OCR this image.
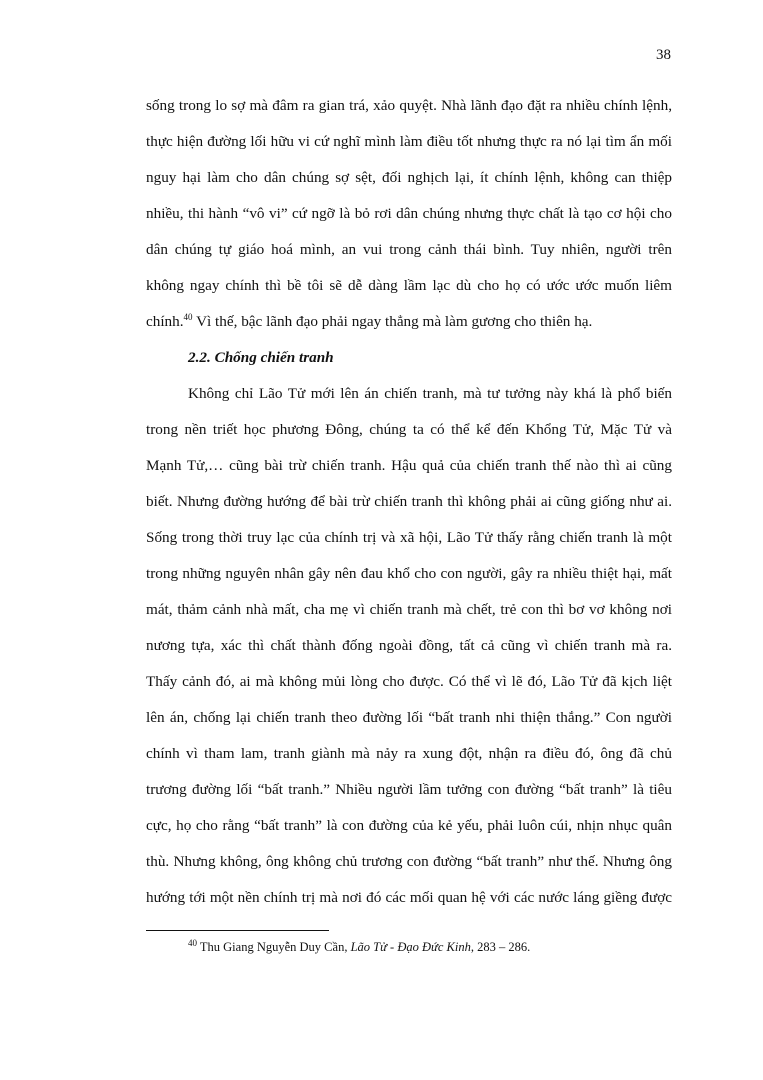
38
sống trong lo sợ mà đâm ra gian trá, xảo quyệt. Nhà lãnh đạo đặt ra nhiều chính lệnh,
thực hiện đường lối hữu vi cứ nghĩ mình làm điều tốt nhưng thực ra nó lại tìm ẩn mối
nguy hại làm cho dân chúng sợ sệt, đối nghịch lại, ít chính lệnh, không can thiệp
nhiều, thi hành “vô vi” cứ ngỡ là bỏ rơi dân chúng nhưng thực chất là tạo cơ hội cho
dân chúng tự giáo hoá mình, an vui trong cảnh thái bình. Tuy nhiên, người trên
không ngay chính thì bề tôi sẽ dễ dàng lầm lạc dù cho họ có ước ước muốn liêm
chính.$^{40}$ Vì thế, bậc lãnh đạo phải ngay thẳng mà làm gương cho thiên hạ.
2.2. Chống chiến tranh
Không chỉ Lão Tử mới lên án chiến tranh, mà tư tưởng này khá là phổ biến
trong nền triết học phương Đông, chúng ta có thể kể đến Khổng Tử, Mặc Tử và
Mạnh Tử,… cũng bài trừ chiến tranh. Hậu quả của chiến tranh thế nào thì ai cũng
biết. Nhưng đường hướng để bài trừ chiến tranh thì không phải ai cũng giống như ai.
Sống trong thời truy lạc của chính trị và xã hội, Lão Tử thấy rằng chiến tranh là một
trong những nguyên nhân gây nên đau khổ cho con người, gây ra nhiều thiệt hại, mất
mát, thảm cảnh nhà mất, cha mẹ vì chiến tranh mà chết, trẻ con thì bơ vơ không nơi
nương tựa, xác thì chất thành đống ngoài đồng, tất cả cũng vì chiến tranh mà ra.
Thấy cảnh đó, ai mà không mủi lòng cho được. Có thể vì lẽ đó, Lão Tử đã kịch liệt
lên án, chống lại chiến tranh theo đường lối “bất tranh nhi thiện thắng.” Con người
chính vì tham lam, tranh giành mà nảy ra xung đột, nhận ra điều đó, ông đã chủ
trương đường lối “bất tranh.” Nhiều người lầm tưởng con đường “bất tranh” là tiêu
cực, họ cho rằng “bất tranh” là con đường của kẻ yếu, phải luôn cúi, nhịn nhục quân
thù. Nhưng không, ông không chủ trương con đường “bất tranh” như thế. Nhưng ông
hướng tới một nền chính trị mà nơi đó các mối quan hệ với các nước láng giềng được
$^{40}$ Thu Giang Nguyễn Duy Cần, Lão Tử - Đạo Đức Kinh, 283 – 286.
